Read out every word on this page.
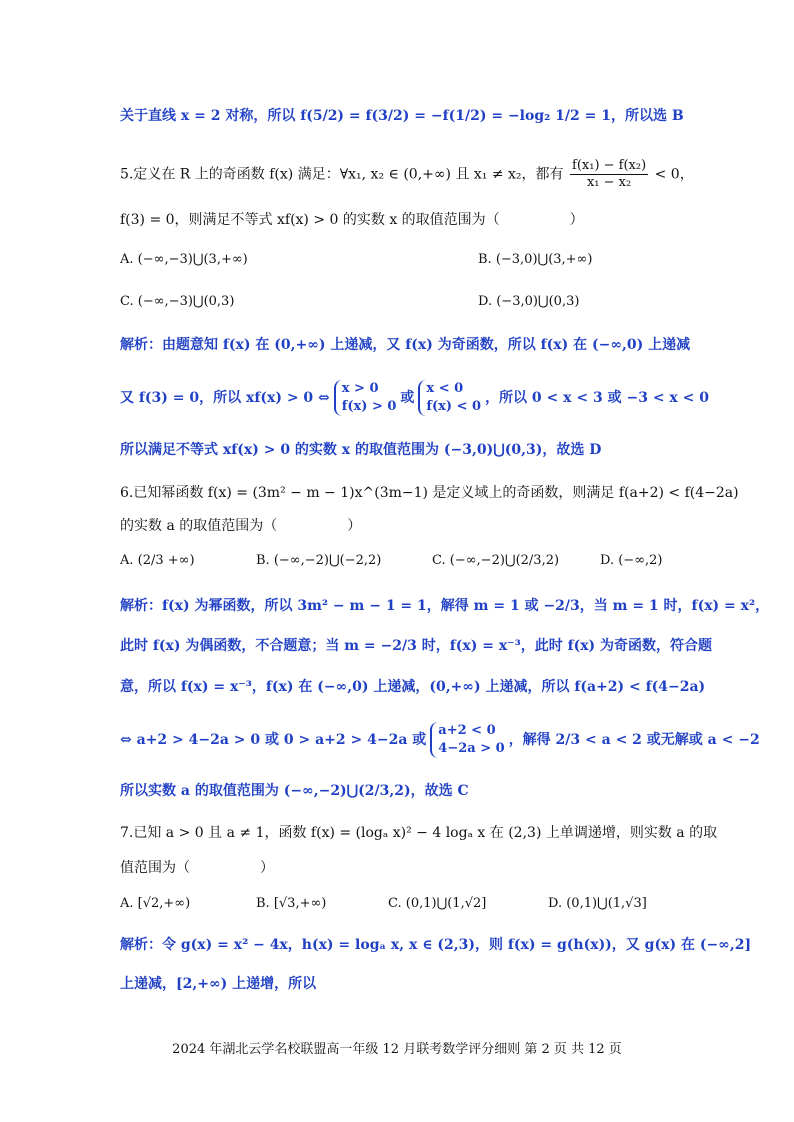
关于直线 x = 2 对称，所以 f(5/2) = f(3/2) = −f(1/2) = −log₂ 1/2 = 1，所以选 B
5.定义在 R 上的奇函数 f(x) 满足：∀x₁, x₂ ∈ (0,+∞) 且 x₁ ≠ x₂，都有 $\frac{\text{f(x₁) − f(x₂)}}{\text{x₁ − x₂}} < 0$，
f(3) = 0，则满足不等式 xf(x) > 0 的实数 x 的取值范围为（　　　　　）
A. (−∞,−3)⋃(3,+∞)	B. (−3,0)⋃(3,+∞)
C. (−∞,−3)⋃(0,3)	D. (−3,0)⋃(0,3)
解析：由题意知 f(x) 在 (0,+∞) 上递减，又 f(x) 为奇函数，所以 f(x) 在 (−∞,0) 上递减
又 f(3) = 0，所以 xf(x) > 0 ⇔
x > 0
f(x) > 0
或
x < 0
f(x) < 0
，所以 0 < x < 3 或 −3 < x < 0
所以满足不等式 xf(x) > 0 的实数 x 的取值范围为 (−3,0)⋃(0,3)，故选 D
6.已知幂函数 f(x) = (3m² − m − 1)x^(3m−1) 是定义域上的奇函数，则满足 f(a+2) < f(4−2a)
的实数 a 的取值范围为（　　　　　）
A. (2/3 +∞)	B. (−∞,−2)⋃(−2,2)	C. (−∞,−2)⋃(2/3,2)	D. (−∞,2)
解析：f(x) 为幂函数，所以 3m² − m − 1 = 1，解得 m = 1 或 −2/3，当 m = 1 时，f(x) = x²，
此时 f(x) 为偶函数，不合题意；当 m = −2/3 时，f(x) = x⁻³，此时 f(x) 为奇函数，符合题
意，所以 f(x) = x⁻³，f(x) 在 (−∞,0) 上递减，(0,+∞) 上递减，所以 f(a+2) < f(4−2a)
⇔ a+2 > 4−2a > 0 或 0 > a+2 > 4−2a 或
a+2 < 0
4−2a > 0
，解得 2/3 < a < 2 或无解或 a < −2
所以实数 a 的取值范围为 (−∞,−2)⋃(2/3,2)，故选 C
7.已知 a > 0 且 a ≠ 1，函数 f(x) = (logₐ x)² − 4 logₐ x 在 (2,3) 上单调递增，则实数 a 的取
值范围为（　　　　　）
A. [√2,+∞)	B. [√3,+∞)	C. (0,1)⋃(1,√2]	D. (0,1)⋃(1,√3]
解析：令 g(x) = x² − 4x，h(x) = logₐ x, x ∈ (2,3)，则 f(x) = g(h(x))，又 g(x) 在 (−∞,2]
上递减，[2,+∞) 上递增，所以
2024 年湖北云学名校联盟高一年级 12 月联考数学评分细则 第 2 页 共 12 页
